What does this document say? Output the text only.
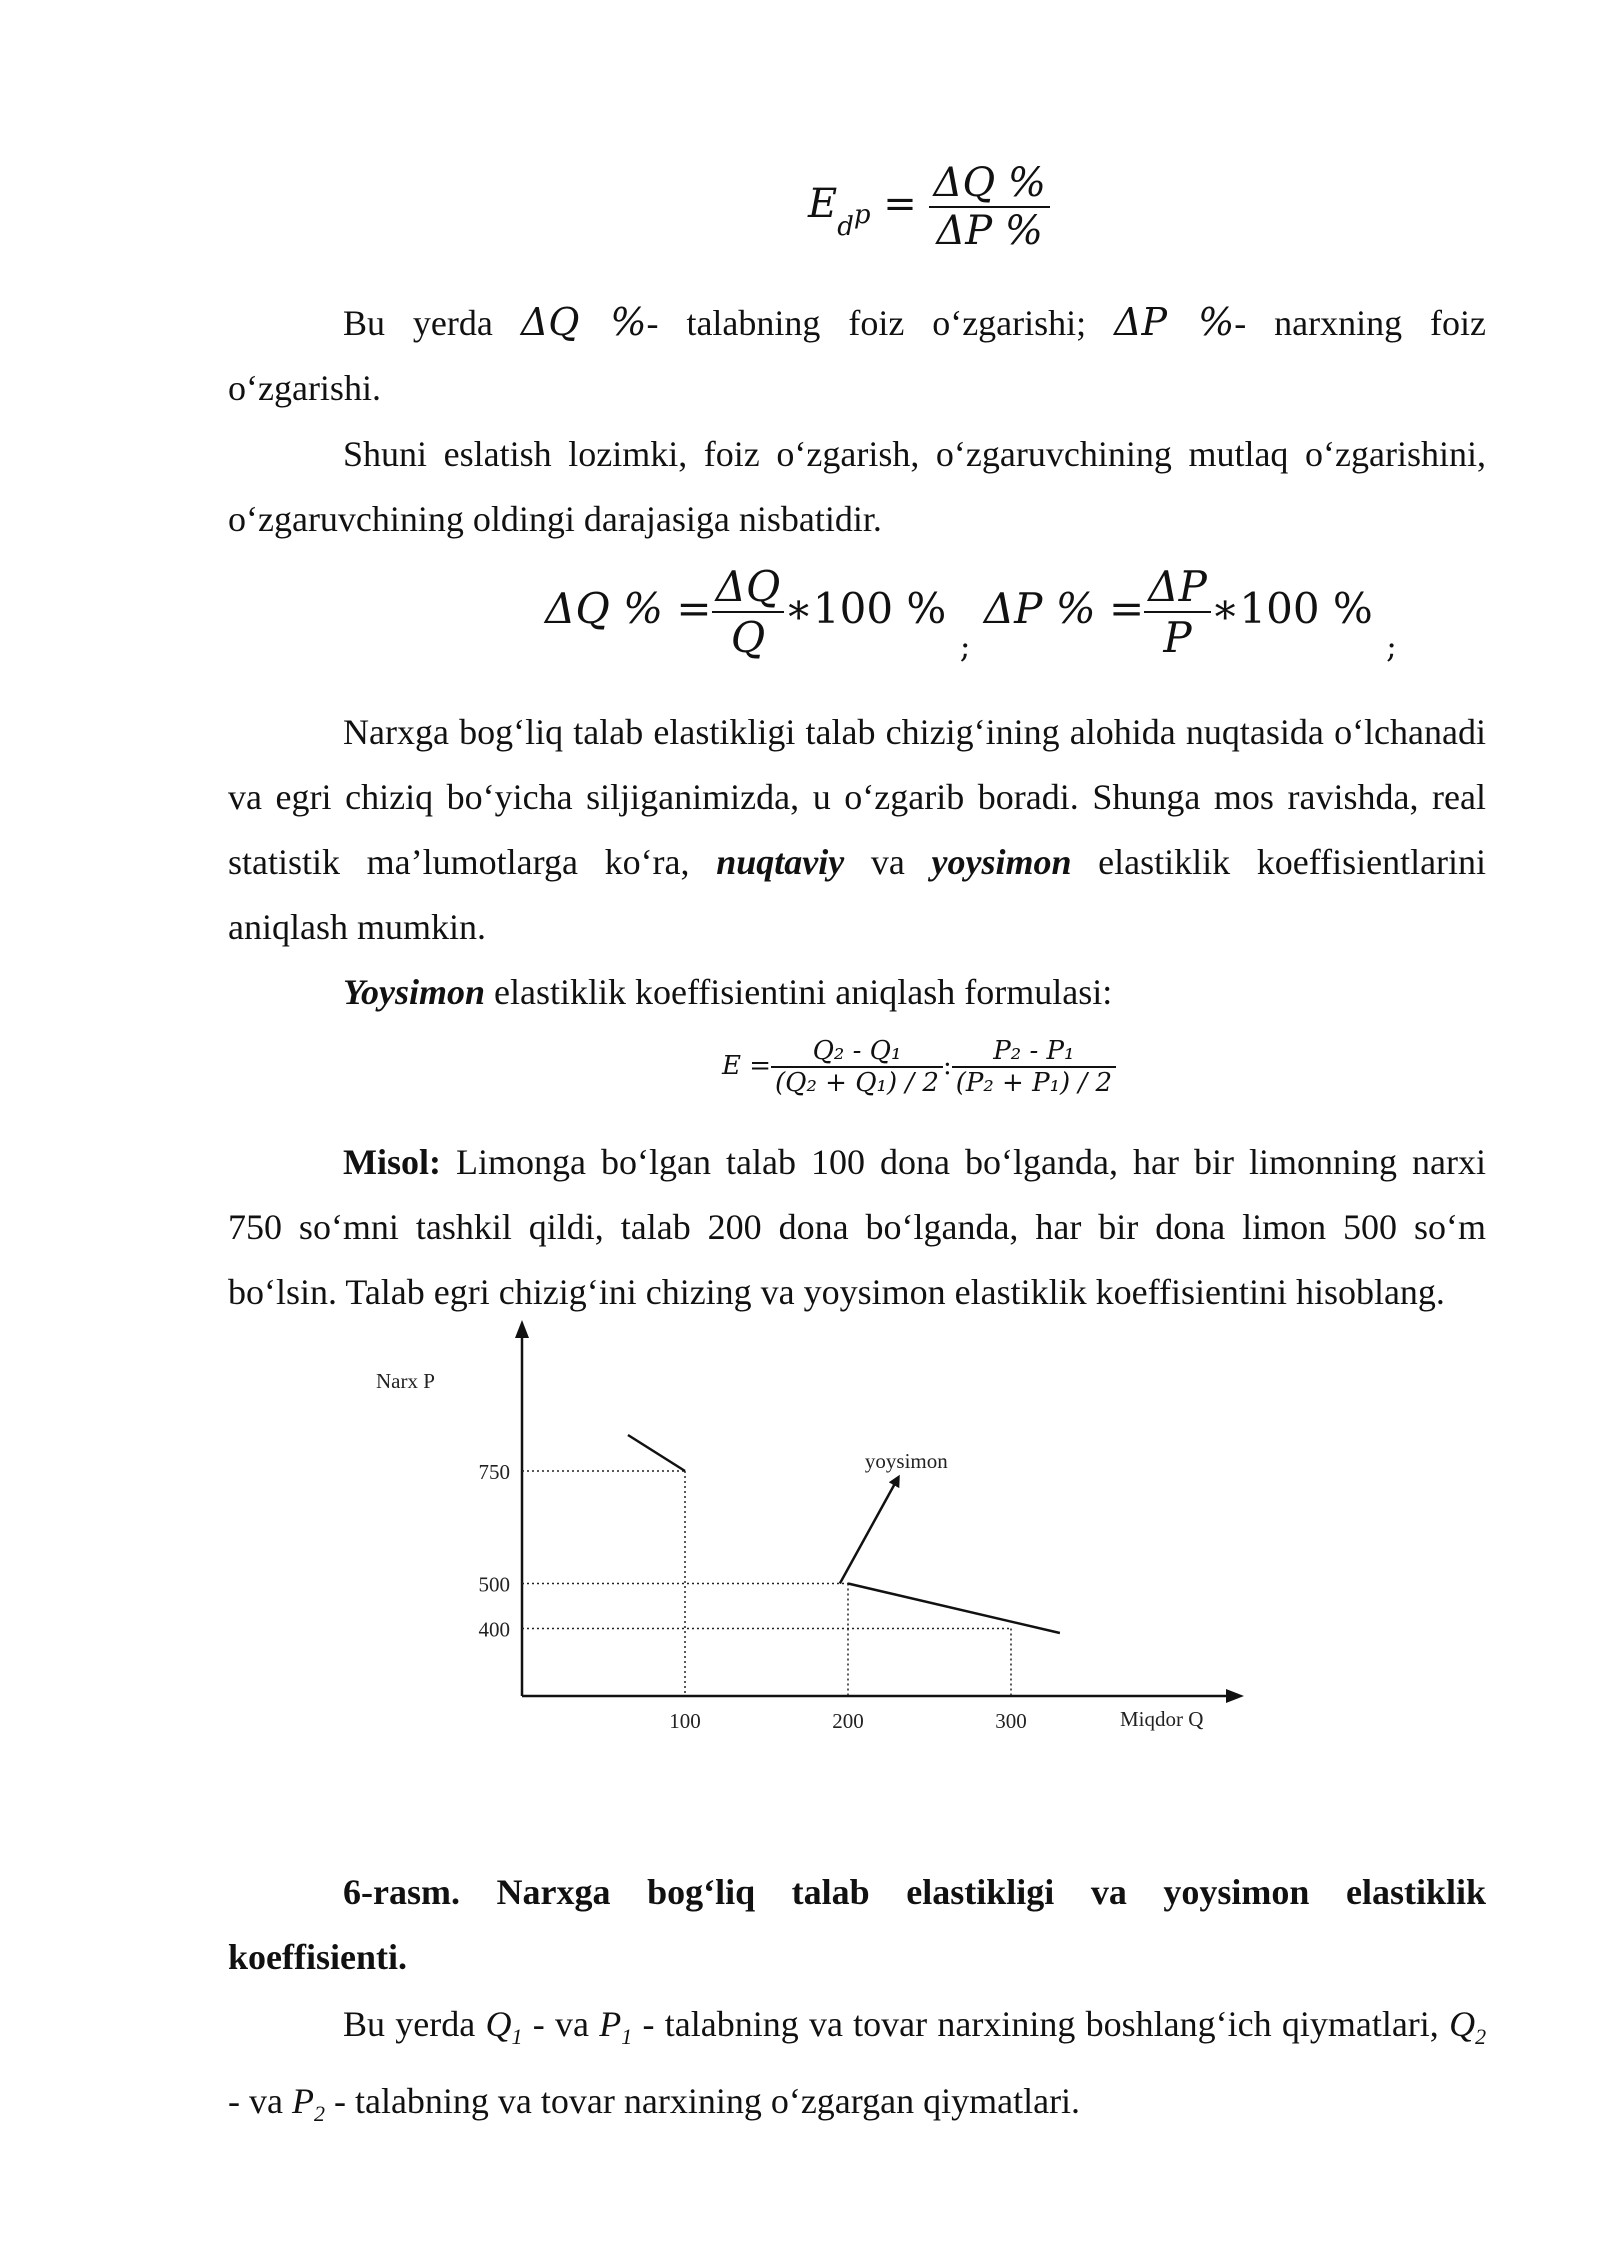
$E_dp = \frac{\Delta Q \%}{\Delta P \%}$

Bu yerda ΔQ %- talabning foiz o‘zgarishi; ΔP %- narxning foiz o‘zgarishi.

Shuni eslatish lozimki, foiz o‘zgarish, o‘zgaruvchining mutlaq o‘zgarishini, o‘zgaruvchining oldingi darajasiga nisbatidir.

ΔQ % = $\frac{\Delta Q}{Q}$ ∗100 % $_;$ ΔP % = $\frac{\Delta P}{P}$ ∗100 % $_;$

Narxga bog‘liq talab elastikligi talab chizig‘ining alohida nuqtasida o‘lchanadi va egri chiziq bo‘yicha siljiganimizda, u o‘zgarib boradi. Shunga mos ravishda, real statistik ma’lumotlarga ko‘ra, nuqtaviy va yoysimon elastiklik koeffisientlarini aniqlash mumkin.

Yoysimon elastiklik koeffisientini aniqlash formulasi:

$E = \frac{\text{Q₂ - Q₁}}{\text{(Q₂ + Q₁) / 2}}$ : $\frac{\text{P₂ - P₁}}{\text{(P₂ + P₁) / 2}}$

Misol: Limonga bo‘lgan talab 100 dona bo‘lganda, har bir limonning narxi 750 so‘mni tashkil qildi, talab 200 dona bo‘lganda, har bir dona limon 500 so‘m bo‘lsin. Talab egri chizig‘ini chizing va yoysimon elastiklik koeffisientini hisoblang.

Narx P
Miqdor Q
yoysimon
100	200	300
750
500
400

6-rasm. Narxga bog‘liq talab elastikligi va yoysimon elastiklik koeffisienti.

Bu yerda $Q_1$ - va $P_1$ - talabning va tovar narxining boshlang‘ich qiymatlari, $Q_2$ - va $P_2$ - talabning va tovar narxining o‘zgargan qiymatlari.
